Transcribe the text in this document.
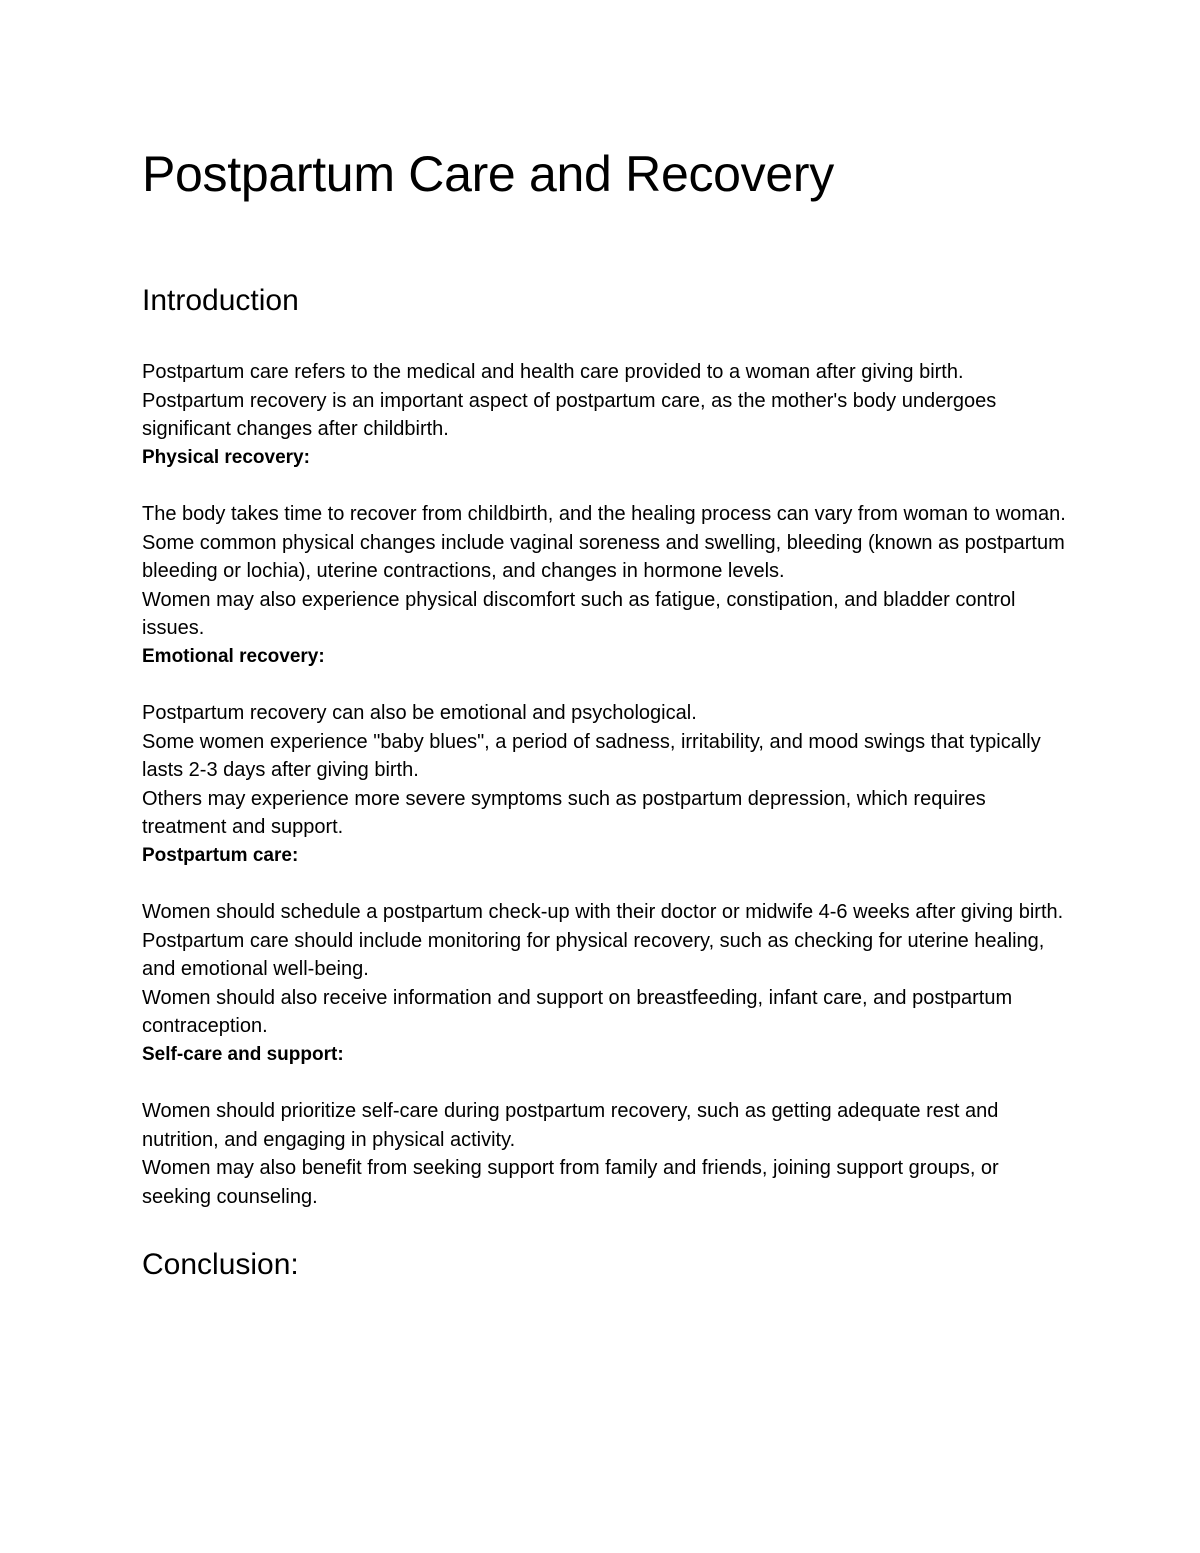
Postpartum Care and Recovery
Introduction

Postpartum care refers to the medical and health care provided to a woman after giving birth.

Postpartum recovery is an important aspect of postpartum care, as the mother's body undergoes significant changes after childbirth.

Physical recovery:

The body takes time to recover from childbirth, and the healing process can vary from woman to woman.

Some common physical changes include vaginal soreness and swelling, bleeding (known as postpartum bleeding or lochia), uterine contractions, and changes in hormone levels.

Women may also experience physical discomfort such as fatigue, constipation, and bladder control issues.

Emotional recovery:

Postpartum recovery can also be emotional and psychological.

Some women experience "baby blues", a period of sadness, irritability, and mood swings that typically lasts 2-3 days after giving birth.

Others may experience more severe symptoms such as postpartum depression, which requires treatment and support.

Postpartum care:

Women should schedule a postpartum check-up with their doctor or midwife 4-6 weeks after giving birth.

Postpartum care should include monitoring for physical recovery, such as checking for uterine healing, and emotional well-being.

Women should also receive information and support on breastfeeding, infant care, and postpartum contraception.

Self-care and support:

Women should prioritize self-care during postpartum recovery, such as getting adequate rest and nutrition, and engaging in physical activity.

Women may also benefit from seeking support from family and friends, joining support groups, or seeking counseling.

Conclusion:
